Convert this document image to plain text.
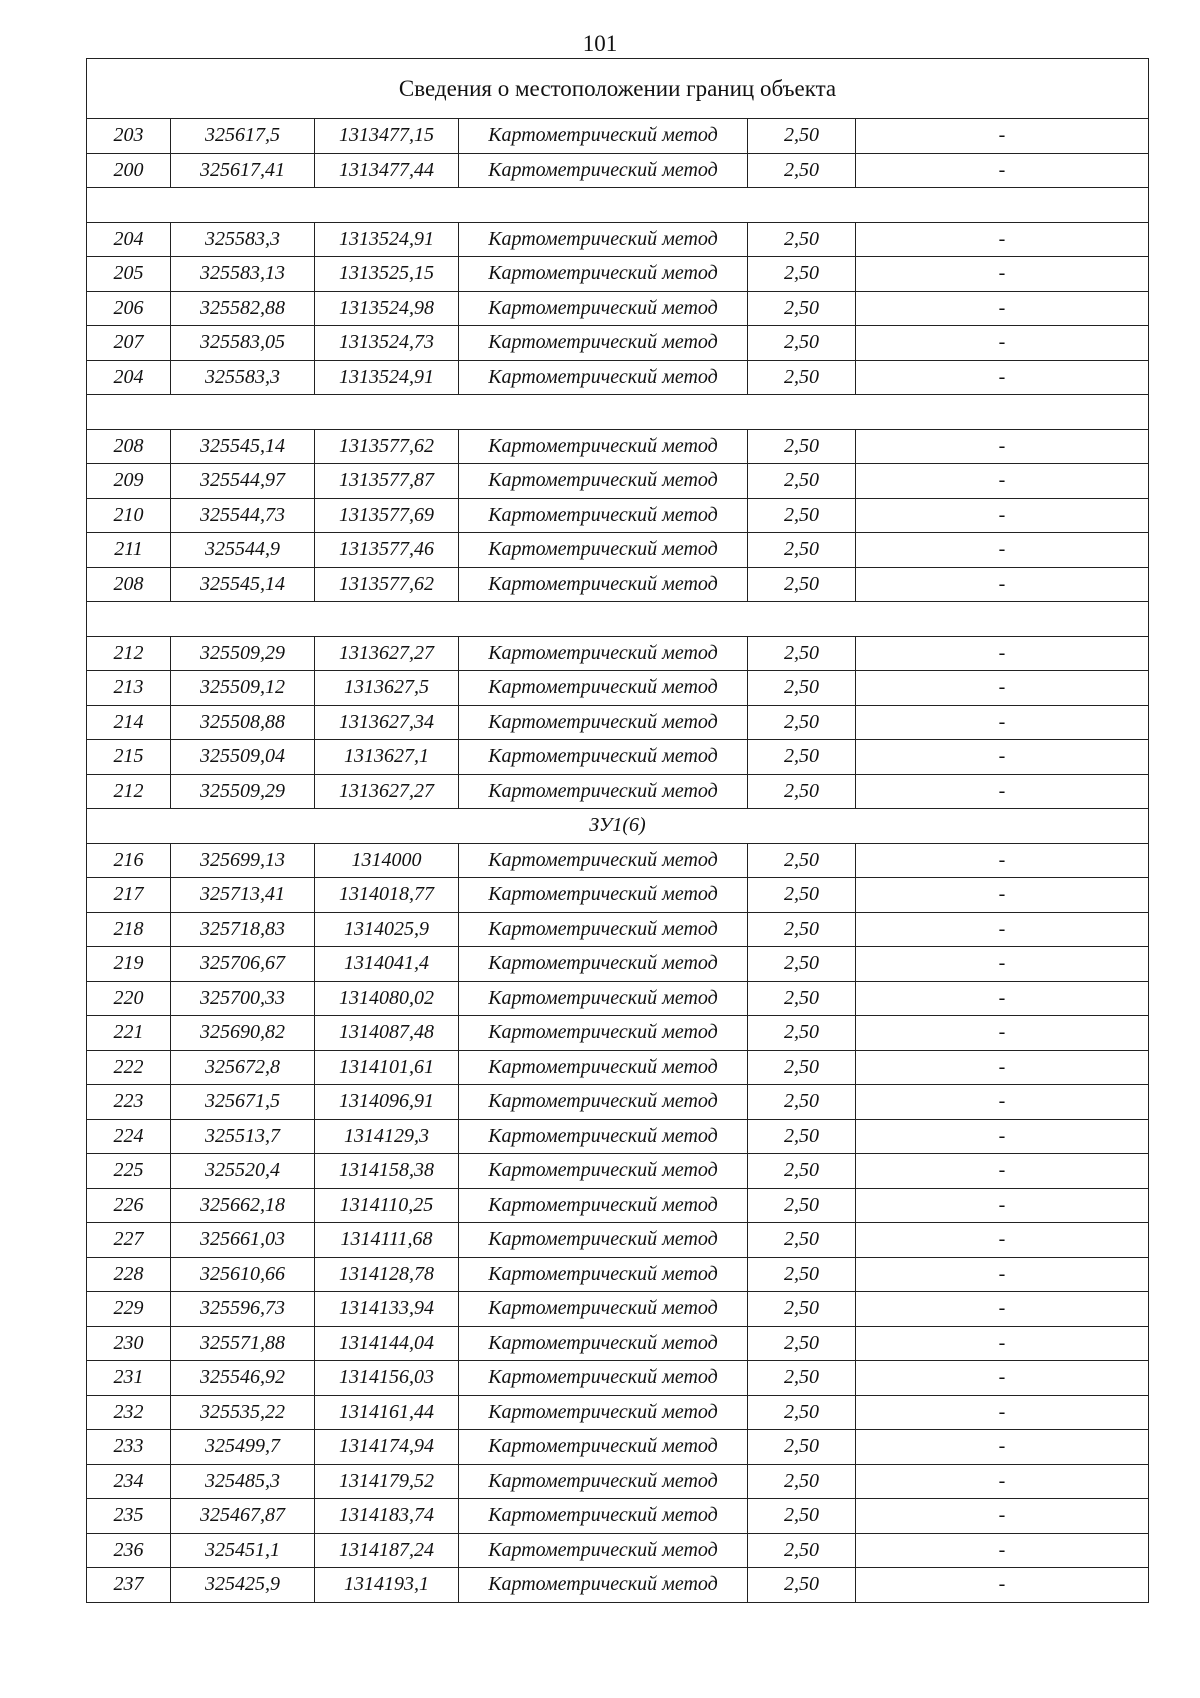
101
Сведения о местоположении границ объекта					
203	325617,5	1313477,15	Картометрический метод	2,50	-
200	325617,41	1313477,44	Картометрический метод	2,50	-

204	325583,3	1313524,91	Картометрический метод	2,50	-
205	325583,13	1313525,15	Картометрический метод	2,50	-
206	325582,88	1313524,98	Картометрический метод	2,50	-
207	325583,05	1313524,73	Картометрический метод	2,50	-
204	325583,3	1313524,91	Картометрический метод	2,50	-

208	325545,14	1313577,62	Картометрический метод	2,50	-
209	325544,97	1313577,87	Картометрический метод	2,50	-
210	325544,73	1313577,69	Картометрический метод	2,50	-
211	325544,9	1313577,46	Картометрический метод	2,50	-
208	325545,14	1313577,62	Картометрический метод	2,50	-

212	325509,29	1313627,27	Картометрический метод	2,50	-
213	325509,12	1313627,5	Картометрический метод	2,50	-
214	325508,88	1313627,34	Картометрический метод	2,50	-
215	325509,04	1313627,1	Картометрический метод	2,50	-
212	325509,29	1313627,27	Картометрический метод	2,50	-
ЗУ1(6)					
216	325699,13	1314000	Картометрический метод	2,50	-
217	325713,41	1314018,77	Картометрический метод	2,50	-
218	325718,83	1314025,9	Картометрический метод	2,50	-
219	325706,67	1314041,4	Картометрический метод	2,50	-
220	325700,33	1314080,02	Картометрический метод	2,50	-
221	325690,82	1314087,48	Картометрический метод	2,50	-
222	325672,8	1314101,61	Картометрический метод	2,50	-
223	325671,5	1314096,91	Картометрический метод	2,50	-
224	325513,7	1314129,3	Картометрический метод	2,50	-
225	325520,4	1314158,38	Картометрический метод	2,50	-
226	325662,18	1314110,25	Картометрический метод	2,50	-
227	325661,03	1314111,68	Картометрический метод	2,50	-
228	325610,66	1314128,78	Картометрический метод	2,50	-
229	325596,73	1314133,94	Картометрический метод	2,50	-
230	325571,88	1314144,04	Картометрический метод	2,50	-
231	325546,92	1314156,03	Картометрический метод	2,50	-
232	325535,22	1314161,44	Картометрический метод	2,50	-
233	325499,7	1314174,94	Картометрический метод	2,50	-
234	325485,3	1314179,52	Картометрический метод	2,50	-
235	325467,87	1314183,74	Картометрический метод	2,50	-
236	325451,1	1314187,24	Картометрический метод	2,50	-
237	325425,9	1314193,1	Картометрический метод	2,50	-
